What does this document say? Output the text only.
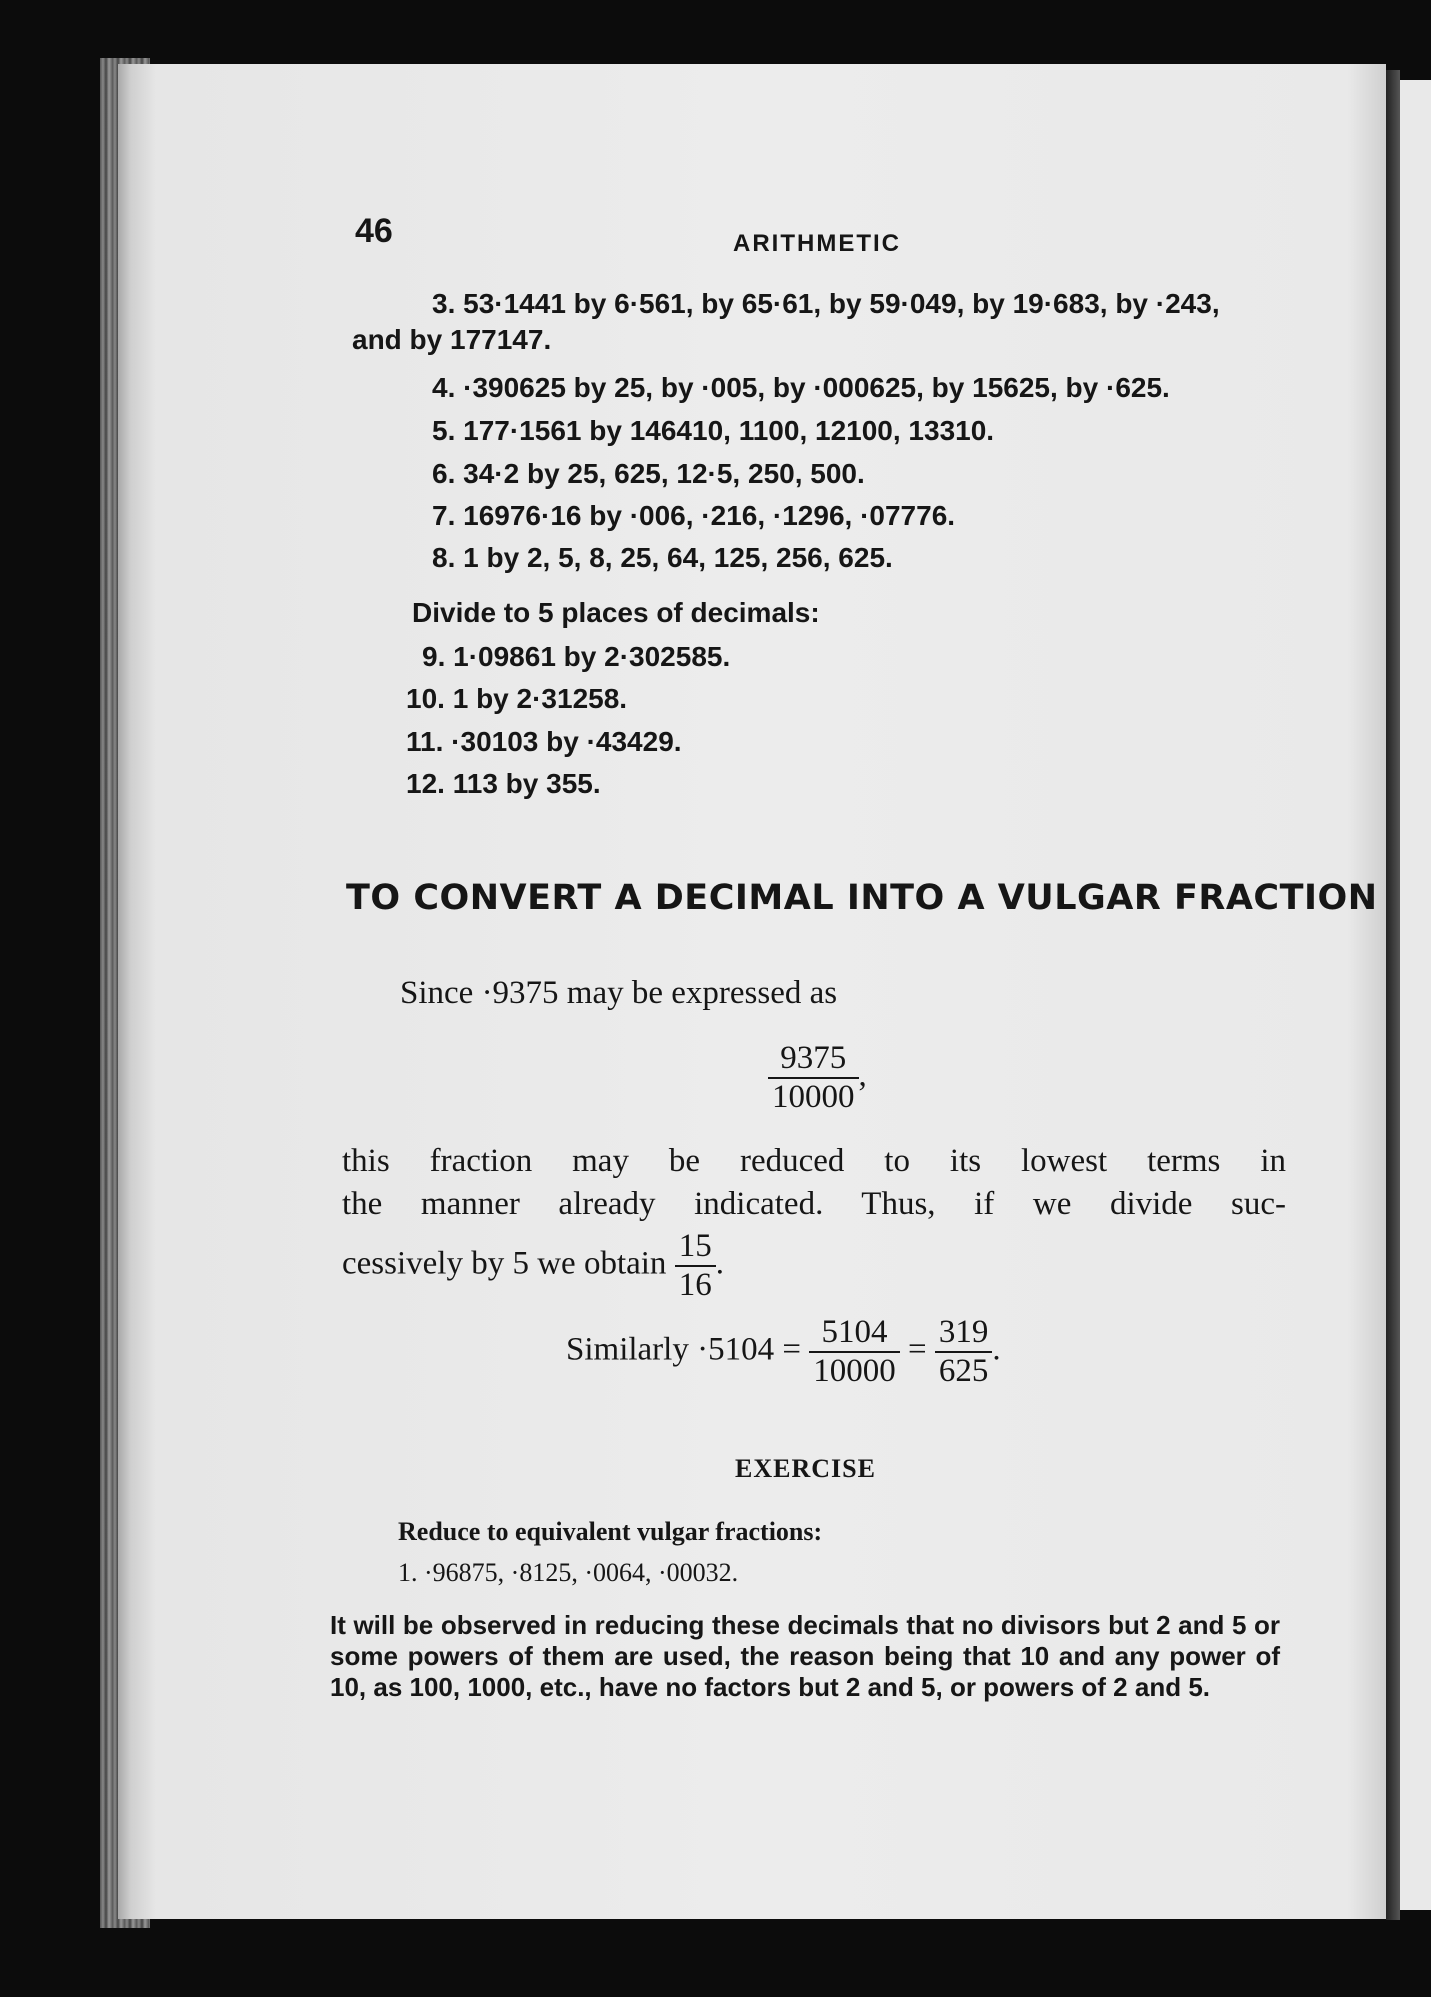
46	ARITHMETIC
3. 53·1441 by 6·561, by 65·61, by 59·049, by 19·683, by ·243,
and by 177147.
4. ·390625 by 25, by ·005, by ·000625, by 15625, by ·625.
5. 177·1561 by 146410, 1100, 12100, 13310.
6. 34·2 by 25, 625, 12·5, 250, 500.
7. 16976·16 by ·006, ·216, ·1296, ·07776.
8. 1 by 2, 5, 8, 25, 64, 125, 256, 625.
Divide to 5 places of decimals:
9. 1·09861 by 2·302585.
10. 1 by 2·31258.
11. ·30103 by ·43429.
12. 113 by 355.
TO CONVERT A DECIMAL INTO A VULGAR FRACTION
Since ·9375 may be expressed as
$\frac{9375}{10000}$ ,
this fraction may be reduced to its lowest terms in
the manner already indicated. Thus, if we divide suc-
cessively by 5 we obtain $\frac{15}{16}$ .
Similarly $\cdot 5104 = \frac{5104}{10000} = \frac{319}{625}$ .
EXERCISE
Reduce to equivalent vulgar fractions:
1. ·96875, ·8125, ·0064, ·00032.
It will be observed in reducing these decimals that no divisors but 2 and 5 or some powers of them are used, the reason being that 10 and any power of 10, as 100, 1000, etc., have no factors but 2 and 5, or powers of 2 and 5.
